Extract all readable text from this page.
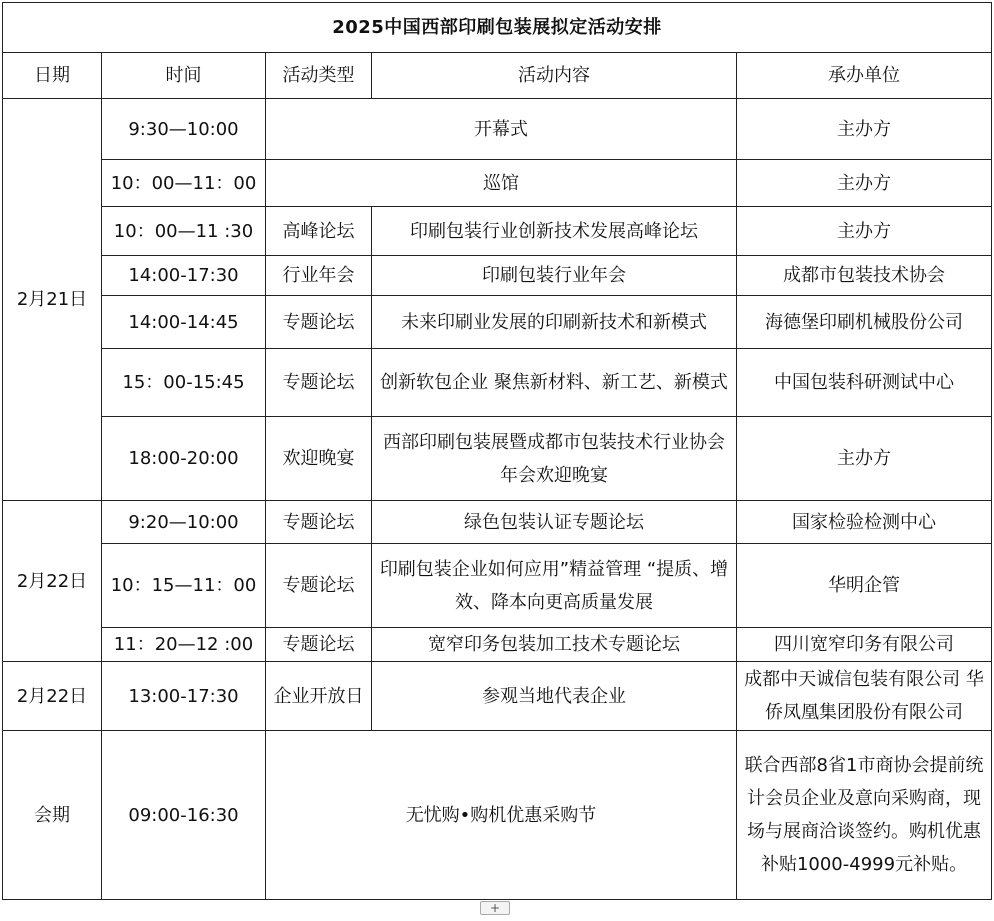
2025中国西部印刷包装展拟定活动安排				
日期	时间	活动类型	活动内容	承办单位
2月21日	9:30—10:00	开幕式		主办方
	10：00—11：00	巡馆		主办方
	10：00—11 :30	高峰论坛	印刷包装行业创新技术发展高峰论坛	主办方
	14:00-17:30	行业年会	印刷包装行业年会	成都市包装技术协会
	14:00-14:45	专题论坛	未来印刷业发展的印刷新技术和新模式	海德堡印刷机械股份公司
	15：00-15:45	专题论坛	创新软包企业 聚焦新材料、新工艺、新模式	中国包装科研测试中心
	18:00-20:00	欢迎晚宴	西部印刷包装展暨成都市包装技术行业协会年会欢迎晚宴	主办方
2月22日	9:20—10:00	专题论坛	绿色包装认证专题论坛	国家检验检测中心
	10：15—11：00	专题论坛	印刷包装企业如何应用”精益管理 “提质、增效、降本向更高质量发展	华明企管
	11：20—12 :00	专题论坛	宽窄印务包装加工技术专题论坛	四川宽窄印务有限公司
2月22日	13:00-17:30	企业开放日	参观当地代表企业	成都中天诚信包装有限公司 华侨凤凰集团股份有限公司
会期	09:00-16:30	无忧购•购机优惠采购节		联合西部8省1市商协会提前统计会员企业及意向采购商，现场与展商洽谈签约。购机优惠补贴1000-4999元补贴。
+
